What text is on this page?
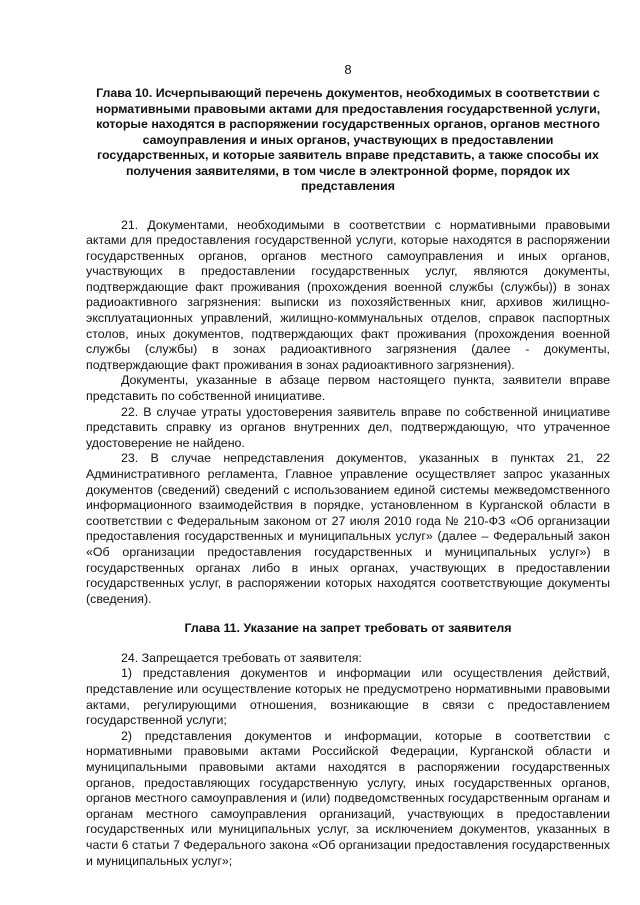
8
Глава 10. Исчерпывающий перечень документов, необходимых в соответствии с нормативными правовыми актами для предоставления государственной услуги, которые находятся в распоряжении государственных органов, органов местного самоуправления и иных органов, участвующих в предоставлении государственных, и которые заявитель вправе представить, а также способы их получения заявителями, в том числе в электронной форме, порядок их представления

21. Документами, необходимыми в соответствии с нормативными правовыми актами для предоставления государственной услуги, которые находятся в распоряжении государственных органов, органов местного самоуправления и иных органов, участвующих в предоставлении государственных услуг, являются документы, подтверждающие факт проживания (прохождения военной службы (службы)) в зонах радиоактивного загрязнения: выписки из похозяйственных книг, архивов жилищно-эксплуатационных управлений, жилищно-коммунальных отделов, справок паспортных столов, иных документов, подтверждающих факт проживания (прохождения военной службы (службы) в зонах радиоактивного загрязнения (далее - документы, подтверждающие факт проживания в зонах радиоактивного загрязнения).

Документы, указанные в абзаце первом настоящего пункта, заявители вправе представить по собственной инициативе.

22. В случае утраты удостоверения заявитель вправе по собственной инициативе представить справку из органов внутренних дел, подтверждающую, что утраченное удостоверение не найдено.

23. В случае непредставления документов, указанных в пунктах 21, 22 Административного регламента, Главное управление осуществляет запрос указанных документов (сведений) сведений с использованием единой системы межведомственного информационного взаимодействия в порядке, установленном в Курганской области в соответствии с Федеральным законом от 27 июля 2010 года № 210-ФЗ «Об организации предоставления государственных и муниципальных услуг» (далее – Федеральный закон «Об организации предоставления государственных и муниципальных услуг») в государственных органах либо в иных органах, участвующих в предоставлении государственных услуг, в распоряжении которых находятся соответствующие документы (сведения).

Глава 11. Указание на запрет требовать от заявителя

24. Запрещается требовать от заявителя:

1) представления документов и информации или осуществления действий, представление или осуществление которых не предусмотрено нормативными правовыми актами, регулирующими отношения, возникающие в связи с предоставлением государственной услуги;

2) представления документов и информации, которые в соответствии с нормативными правовыми актами Российской Федерации, Курганской области и муниципальными правовыми актами находятся в распоряжении государственных органов, предоставляющих государственную услугу, иных государственных органов, органов местного самоуправления и (или) подведомственных государственным органам и органам местного самоуправления организаций, участвующих в предоставлении государственных или муниципальных услуг, за исключением документов, указанных в части 6 статьи 7 Федерального закона «Об организации предоставления государственных и муниципальных услуг»;
